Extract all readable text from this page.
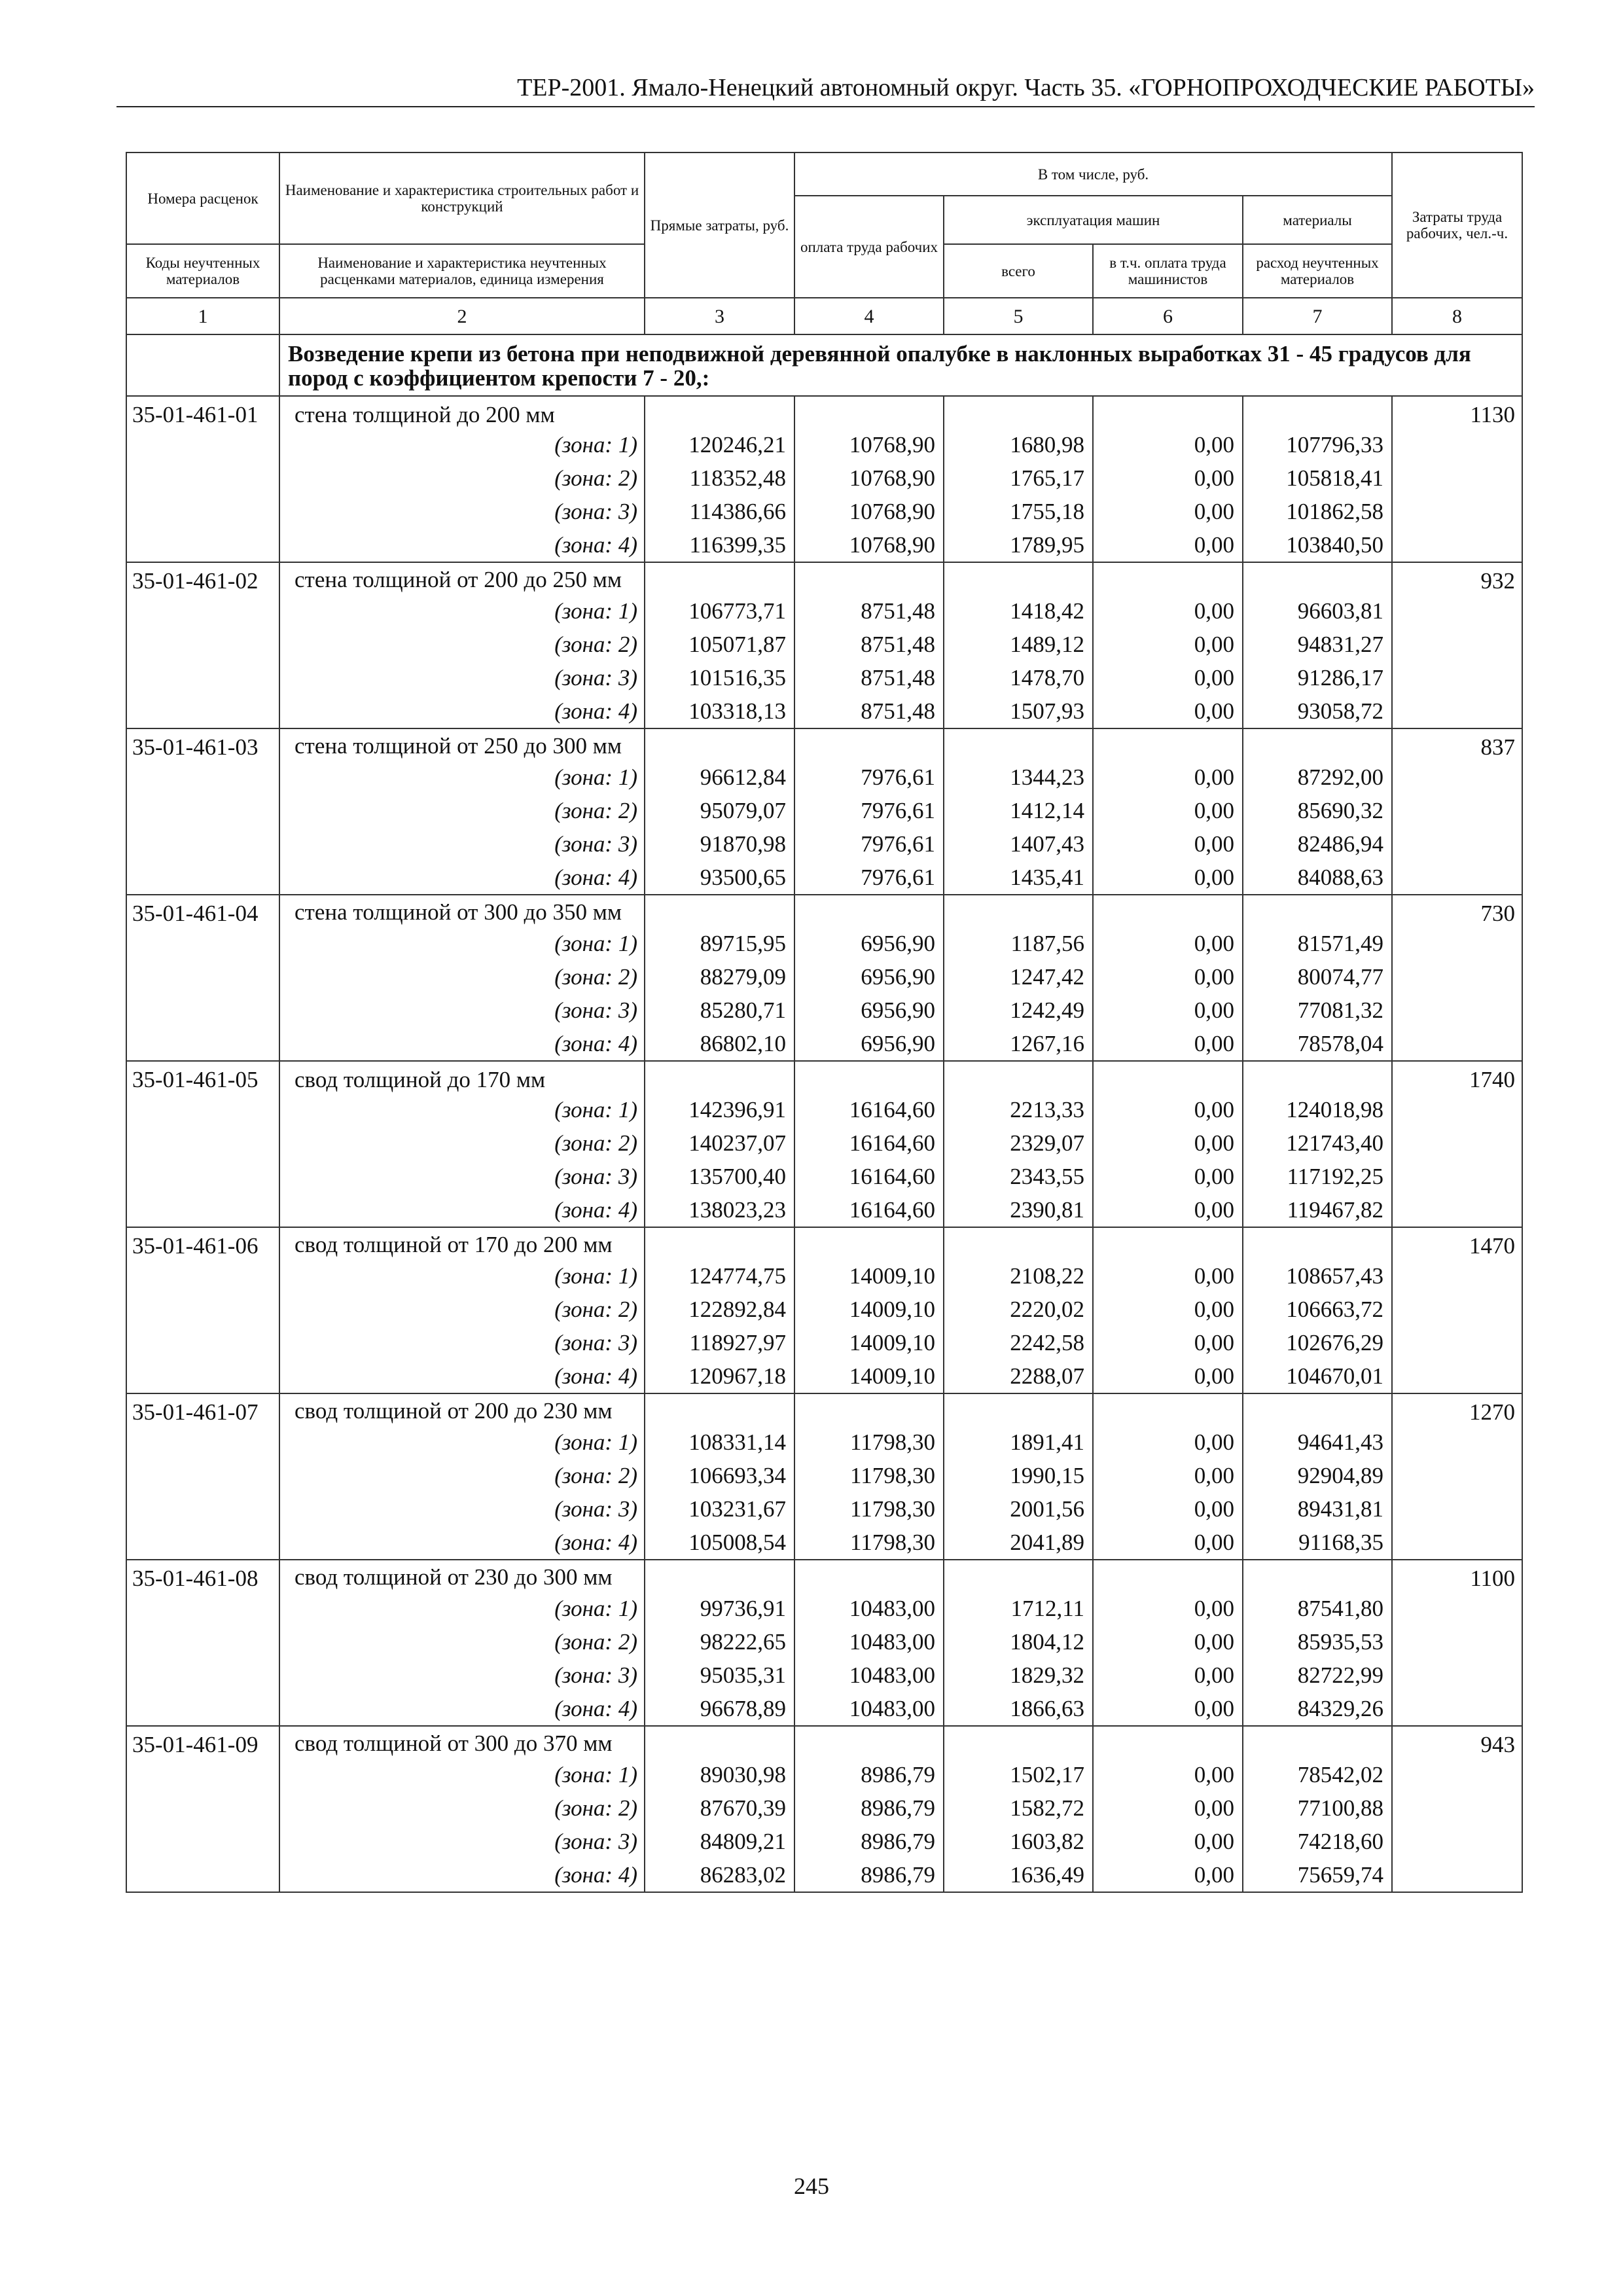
ТЕР-2001. Ямало-Ненецкий автономный округ. Часть 35. «ГОРНОПРОХОДЧЕСКИЕ РАБОТЫ»
Номера расценок	Наименование и характеристика строительных работ и конструкций	Прямые затраты, руб.	В том числе, руб.				Затраты труда рабочих, чел.-ч.
			оплата труда рабочих	эксплуатация машин		материалы	
Коды неучтенных материалов	Наименование и характеристика неучтенных расценками материалов, единица измерения			всего	в т.ч. оплата труда машинистов	расход неучтенных материалов	
1	2	3	4	5	6	7	8
	Возведение крепи из бетона при неподвижной деревянной опалубке в наклонных выработках 31 - 45 градусов для пород с коэффициентом крепости 7 - 20,:						
35-01-461-01	стена толщиной до 200 мм						1130
	(зона: 1)	120246,21	10768,90	1680,98	0,00	107796,33	
	(зона: 2)	118352,48	10768,90	1765,17	0,00	105818,41	
	(зона: 3)	114386,66	10768,90	1755,18	0,00	101862,58	
	(зона: 4)	116399,35	10768,90	1789,95	0,00	103840,50	
35-01-461-02	стена толщиной от 200 до 250 мм						932
	(зона: 1)	106773,71	8751,48	1418,42	0,00	96603,81	
	(зона: 2)	105071,87	8751,48	1489,12	0,00	94831,27	
	(зона: 3)	101516,35	8751,48	1478,70	0,00	91286,17	
	(зона: 4)	103318,13	8751,48	1507,93	0,00	93058,72	
35-01-461-03	стена толщиной от 250 до 300 мм						837
	(зона: 1)	96612,84	7976,61	1344,23	0,00	87292,00	
	(зона: 2)	95079,07	7976,61	1412,14	0,00	85690,32	
	(зона: 3)	91870,98	7976,61	1407,43	0,00	82486,94	
	(зона: 4)	93500,65	7976,61	1435,41	0,00	84088,63	
35-01-461-04	стена толщиной от 300 до 350 мм						730
	(зона: 1)	89715,95	6956,90	1187,56	0,00	81571,49	
	(зона: 2)	88279,09	6956,90	1247,42	0,00	80074,77	
	(зона: 3)	85280,71	6956,90	1242,49	0,00	77081,32	
	(зона: 4)	86802,10	6956,90	1267,16	0,00	78578,04	
35-01-461-05	свод толщиной до 170 мм						1740
	(зона: 1)	142396,91	16164,60	2213,33	0,00	124018,98	
	(зона: 2)	140237,07	16164,60	2329,07	0,00	121743,40	
	(зона: 3)	135700,40	16164,60	2343,55	0,00	117192,25	
	(зона: 4)	138023,23	16164,60	2390,81	0,00	119467,82	
35-01-461-06	свод толщиной от 170 до 200 мм						1470
	(зона: 1)	124774,75	14009,10	2108,22	0,00	108657,43	
	(зона: 2)	122892,84	14009,10	2220,02	0,00	106663,72	
	(зона: 3)	118927,97	14009,10	2242,58	0,00	102676,29	
	(зона: 4)	120967,18	14009,10	2288,07	0,00	104670,01	
35-01-461-07	свод толщиной от 200 до 230 мм						1270
	(зона: 1)	108331,14	11798,30	1891,41	0,00	94641,43	
	(зона: 2)	106693,34	11798,30	1990,15	0,00	92904,89	
	(зона: 3)	103231,67	11798,30	2001,56	0,00	89431,81	
	(зона: 4)	105008,54	11798,30	2041,89	0,00	91168,35	
35-01-461-08	свод толщиной от 230 до 300 мм						1100
	(зона: 1)	99736,91	10483,00	1712,11	0,00	87541,80	
	(зона: 2)	98222,65	10483,00	1804,12	0,00	85935,53	
	(зона: 3)	95035,31	10483,00	1829,32	0,00	82722,99	
	(зона: 4)	96678,89	10483,00	1866,63	0,00	84329,26	
35-01-461-09	свод толщиной от 300 до 370 мм						943
	(зона: 1)	89030,98	8986,79	1502,17	0,00	78542,02	
	(зона: 2)	87670,39	8986,79	1582,72	0,00	77100,88	
	(зона: 3)	84809,21	8986,79	1603,82	0,00	74218,60	
	(зона: 4)	86283,02	8986,79	1636,49	0,00	75659,74	
245
